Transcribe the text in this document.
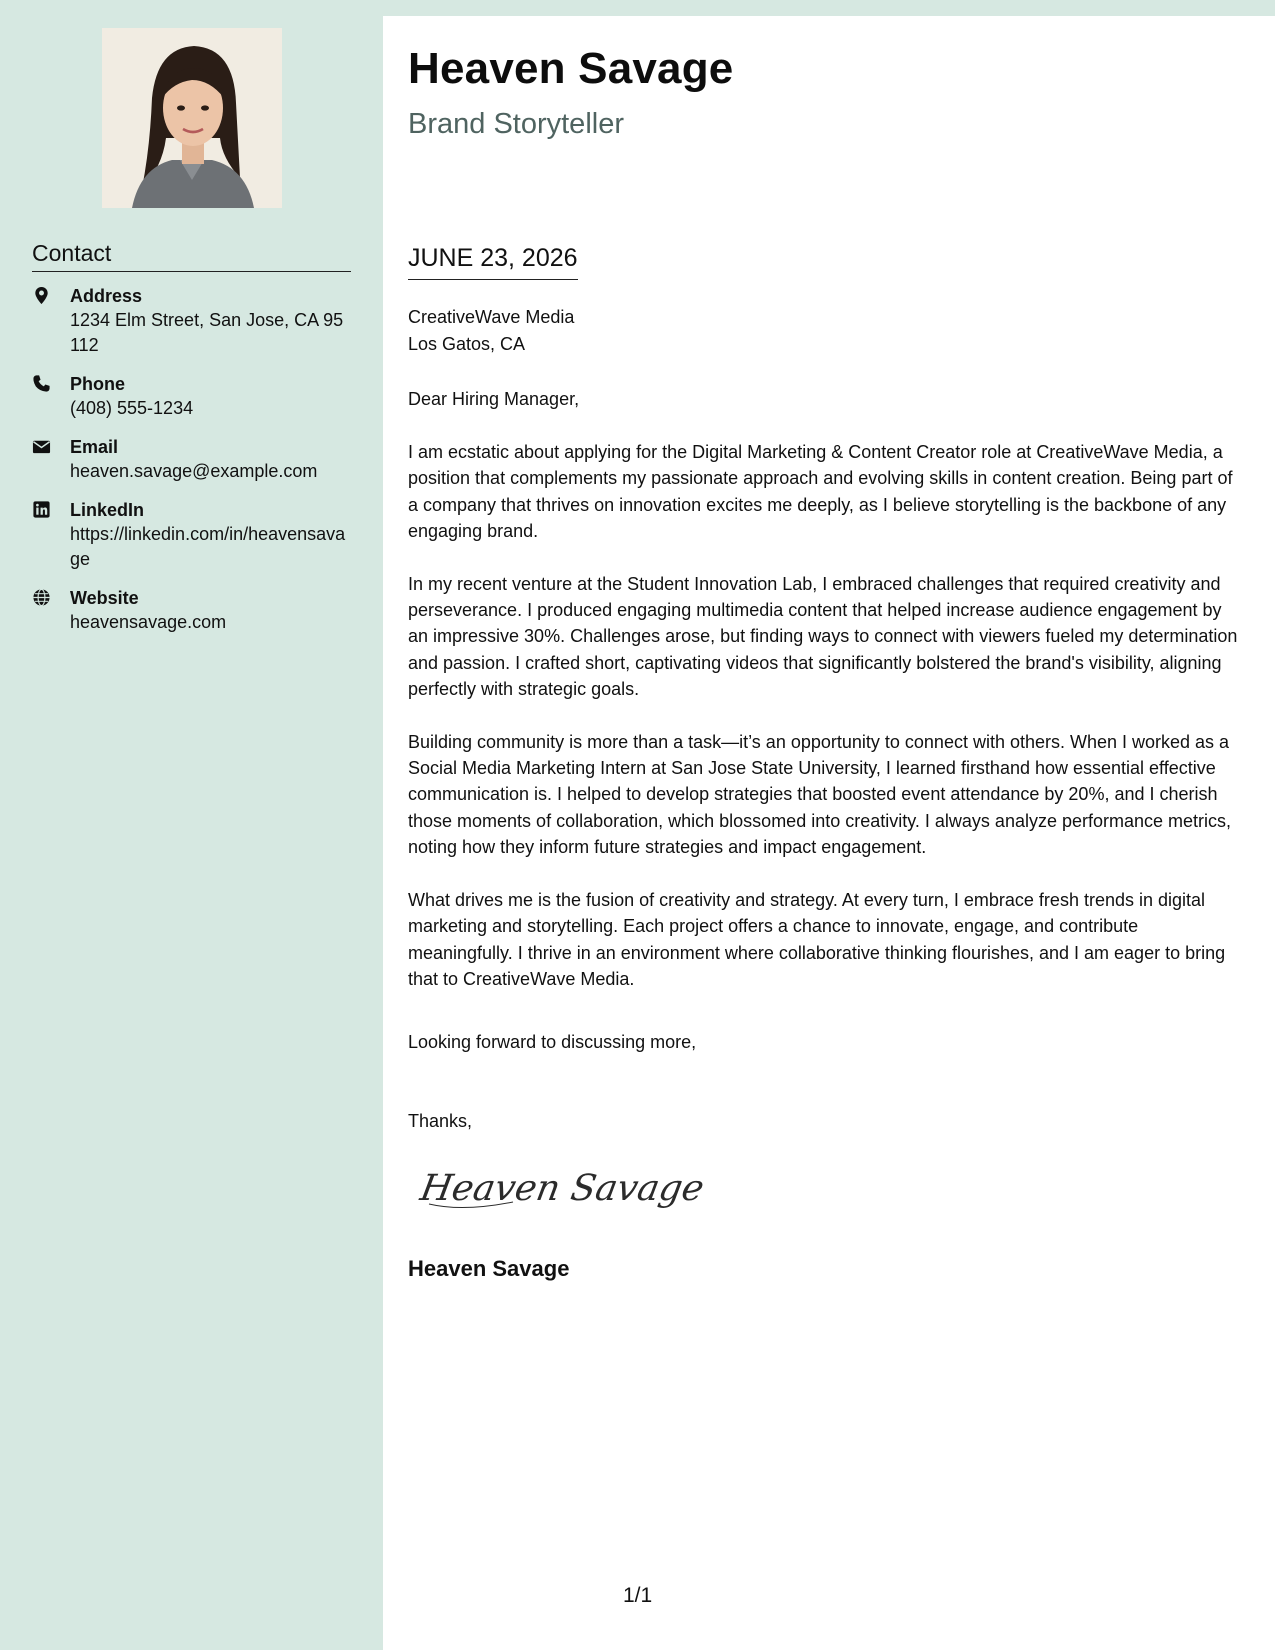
Contact
Address
1234 Elm Street, San Jose, CA 95112
Phone
(408) 555-1234
Email
heaven.savage@example.com
LinkedIn
https://linkedin.com/in/heavensavage
Website
heavensavage.com
Heaven Savage
Brand Storyteller
JUNE 23, 2026
CreativeWave Media
Los Gatos, CA
Dear Hiring Manager,

I am ecstatic about applying for the Digital Marketing & Content Creator role at CreativeWave Media, a position that complements my passionate approach and evolving skills in content creation. Being part of a company that thrives on innovation excites me deeply, as I believe storytelling is the backbone of any engaging brand.

In my recent venture at the Student Innovation Lab, I embraced challenges that required creativity and perseverance. I produced engaging multimedia content that helped increase audience engagement by an impressive 30%. Challenges arose, but finding ways to connect with viewers fueled my determination and passion. I crafted short, captivating videos that significantly bolstered the brand's visibility, aligning perfectly with strategic goals.

Building community is more than a task—it’s an opportunity to connect with others. When I worked as a Social Media Marketing Intern at San Jose State University, I learned firsthand how essential effective communication is. I helped to develop strategies that boosted event attendance by 20%, and I cherish those moments of collaboration, which blossomed into creativity. I always analyze performance metrics, noting how they inform future strategies and impact engagement.

What drives me is the fusion of creativity and strategy. At every turn, I embrace fresh trends in digital marketing and storytelling. Each project offers a chance to innovate, engage, and contribute meaningfully. I thrive in an environment where collaborative thinking flourishes, and I am eager to bring that to CreativeWave Media.

Looking forward to discussing more,
Thanks,
Heaven Savage
Heaven Savage
1/1
